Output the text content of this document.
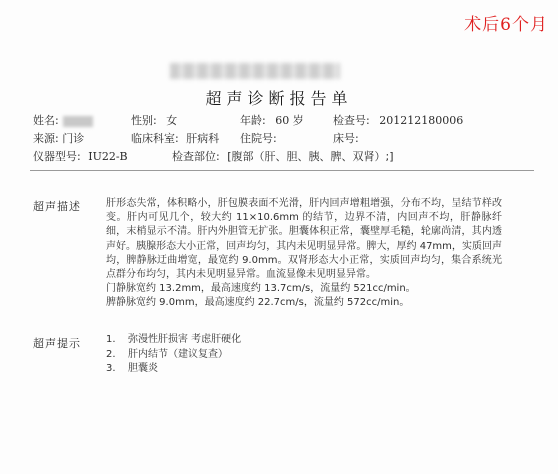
术后6个月
超声诊断报告单
姓名:	性别: 女	年龄: 60 岁	检查号: 201212180006
来源: 门诊	临床科室: 肝病科 住院号:	床号:
仪器型号: IU22-B	检查部位: [腹部（肝、胆、胰、脾、双肾）;]
超声描述	肝形态失常，体积略小，肝包膜表面不光滑，肝内回声增粗增强，分布不均，呈结节样改变。肝内可见几个，较大约 11×10.6mm 的结节，边界不清，内回声不均，肝静脉纤细，末梢显示不清。肝内外胆管无扩张。胆囊体积正常，囊壁厚毛糙，轮廓尚清，其内透声好。胰腺形态大小正常，回声均匀，其内未见明显异常。脾大，厚约 47mm，实质回声均，脾静脉迂曲增宽，最宽约 9.0mm。双肾形态大小正常，实质回声均匀，集合系统光点群分布均匀，其内未见明显异常。血流显像未见明显异常。

门静脉宽约 13.2mm，最高速度约 13.7cm/s，流量约 521cc/min。

脾静脉宽约 9.0mm，最高速度约 22.7cm/s，流量约 572cc/min。

超声提示	1. 弥漫性肝损害 考虑肝硬化
2. 肝内结节（建议复查）
3. 胆囊炎
